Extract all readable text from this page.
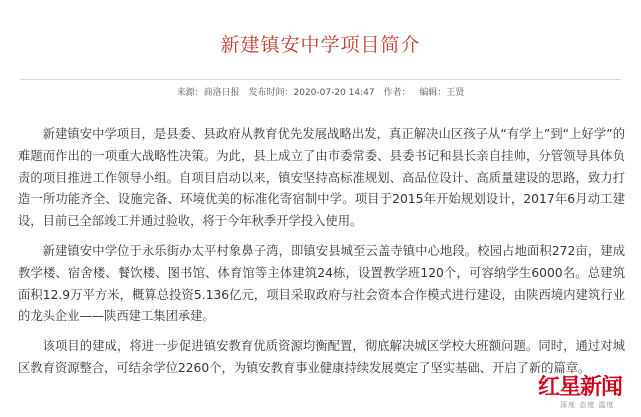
新建镇安中学项目简介
来源：商洛日报 发布时间：2020-07-20 14:47 作者： 编辑：王贤

新建镇安中学项目，是县委、县政府从教育优先发展战略出发，真正解决山区孩子从“有学上”到“上好学”的难题而作出的一项重大战略性决策。为此，县上成立了由市委常委、县委书记和县长亲自挂帅，分管领导具体负责的项目推进工作领导小组。自项目启动以来，镇安坚持高标准规划、高品位设计、高质量建设的思路，致力打造一所功能齐全、设施完备、环境优美的标准化寄宿制中学。项目于2015年开始规划设计，2017年6月动工建设，目前已全部竣工并通过验收，将于今年秋季开学投入使用。

新建镇安中学位于永乐街办太平村象鼻子湾，即镇安县城至云盖寺镇中心地段。校园占地面积272亩，建成教学楼、宿舍楼、餐饮楼、图书馆、体育馆等主体建筑24栋，设置教学班120个，可容纳学生6000名。总建筑面积12.9万平方米，概算总投资5.136亿元，项目采取政府与社会资本合作模式进行建设，由陕西境内建筑行业的龙头企业——陕西建工集团承建。

该项目的建成，将进一步促进镇安教育优质资源均衡配置，彻底解决城区学校大班额问题。同时，通过对城区教育资源整合，可结余学位2260个，为镇安教育事业健康持续发展奠定了坚实基础、开启了新的篇章。

红星新闻
深度 态度 温度
